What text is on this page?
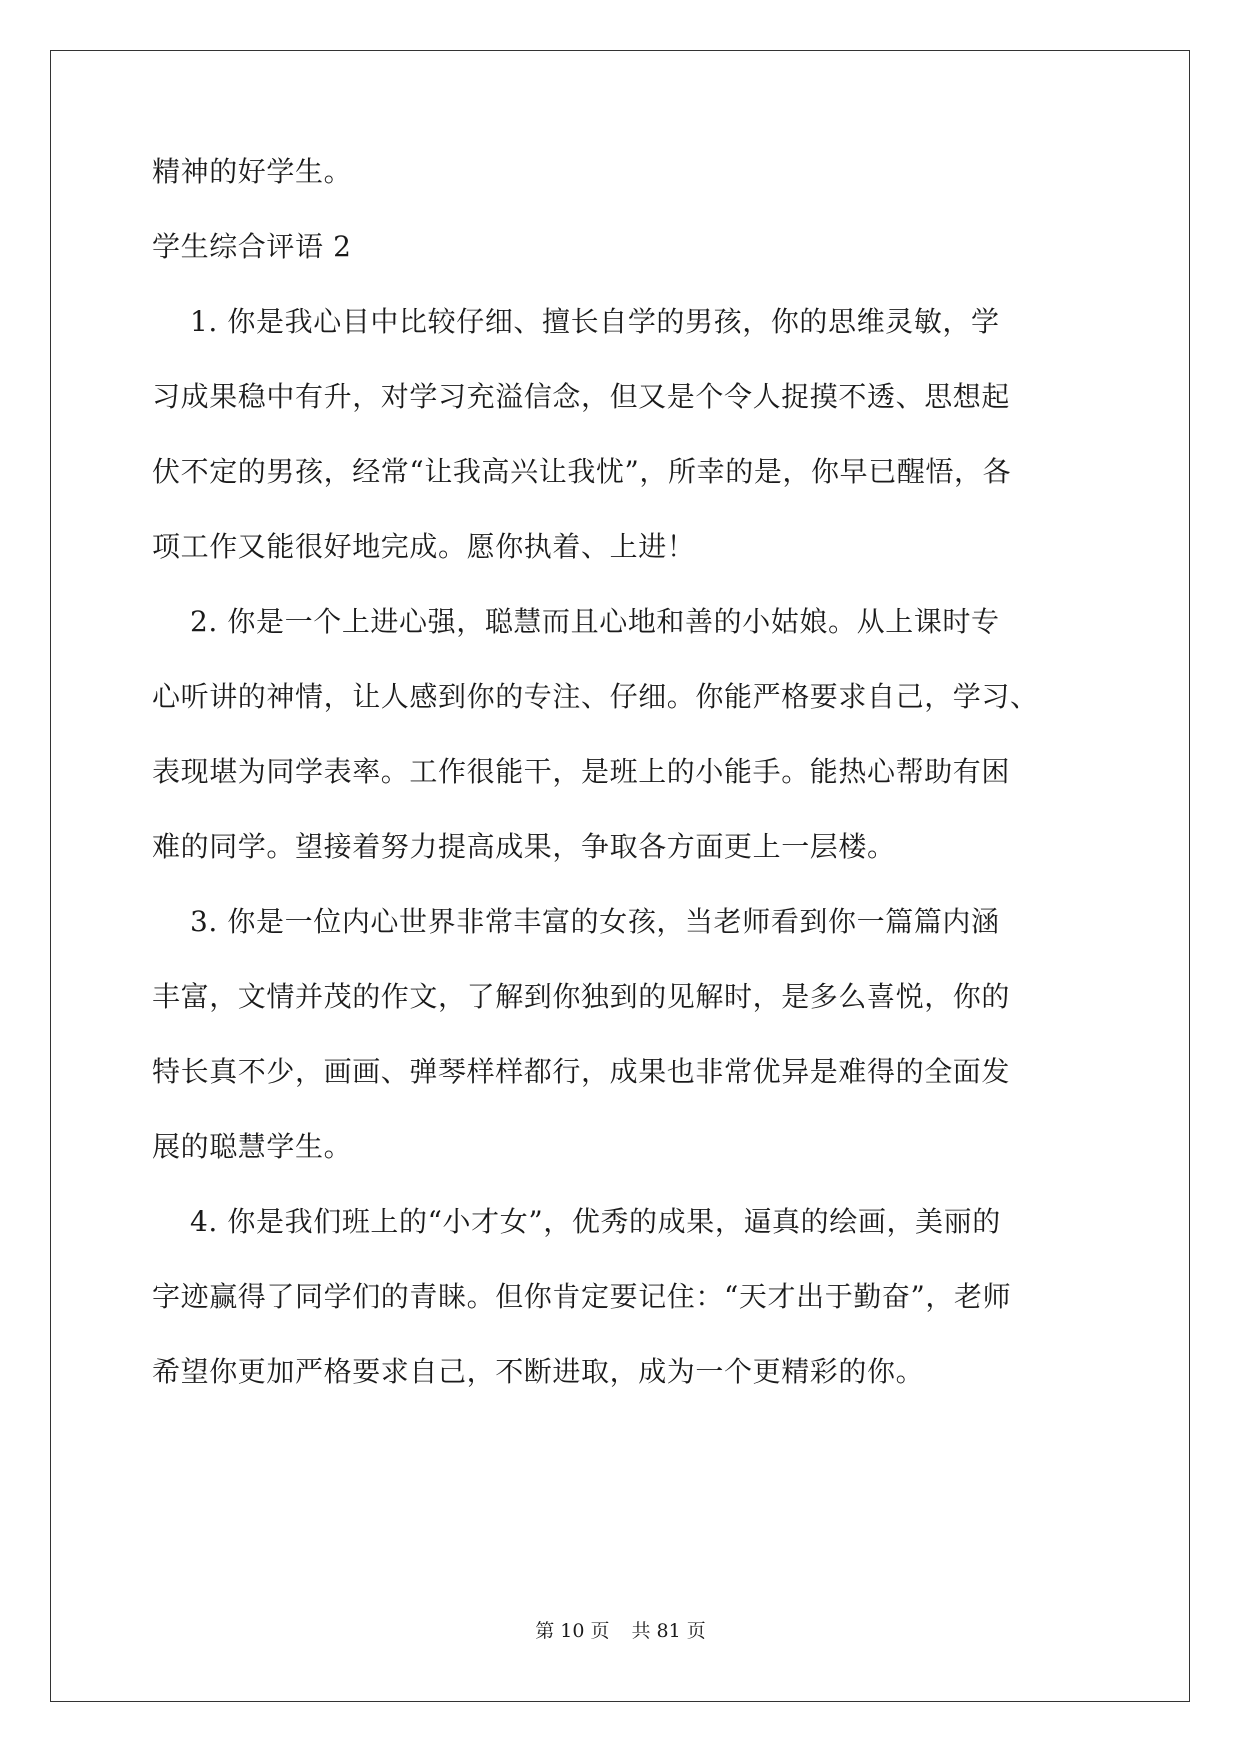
精神的好学生。
学生综合评语 2
1. 你是我心目中比较仔细、擅长自学的男孩，你的思维灵敏，学
习成果稳中有升，对学习充溢信念，但又是个令人捉摸不透、思想起
伏不定的男孩，经常“让我高兴让我忧”，所幸的是，你早已醒悟，各
项工作又能很好地完成。愿你执着、上进！
2. 你是一个上进心强，聪慧而且心地和善的小姑娘。从上课时专
心听讲的神情，让人感到你的专注、仔细。你能严格要求自己，学习、
表现堪为同学表率。工作很能干，是班上的小能手。能热心帮助有困
难的同学。望接着努力提高成果，争取各方面更上一层楼。
3. 你是一位内心世界非常丰富的女孩，当老师看到你一篇篇内涵
丰富，文情并茂的作文，了解到你独到的见解时，是多么喜悦，你的
特长真不少，画画、弹琴样样都行，成果也非常优异是难得的全面发
展的聪慧学生。
4. 你是我们班上的“小才女”，优秀的成果，逼真的绘画，美丽的
字迹赢得了同学们的青睐。但你肯定要记住：“天才出于勤奋”，老师
希望你更加严格要求自己，不断进取，成为一个更精彩的你。
第 10 页 共 81 页
